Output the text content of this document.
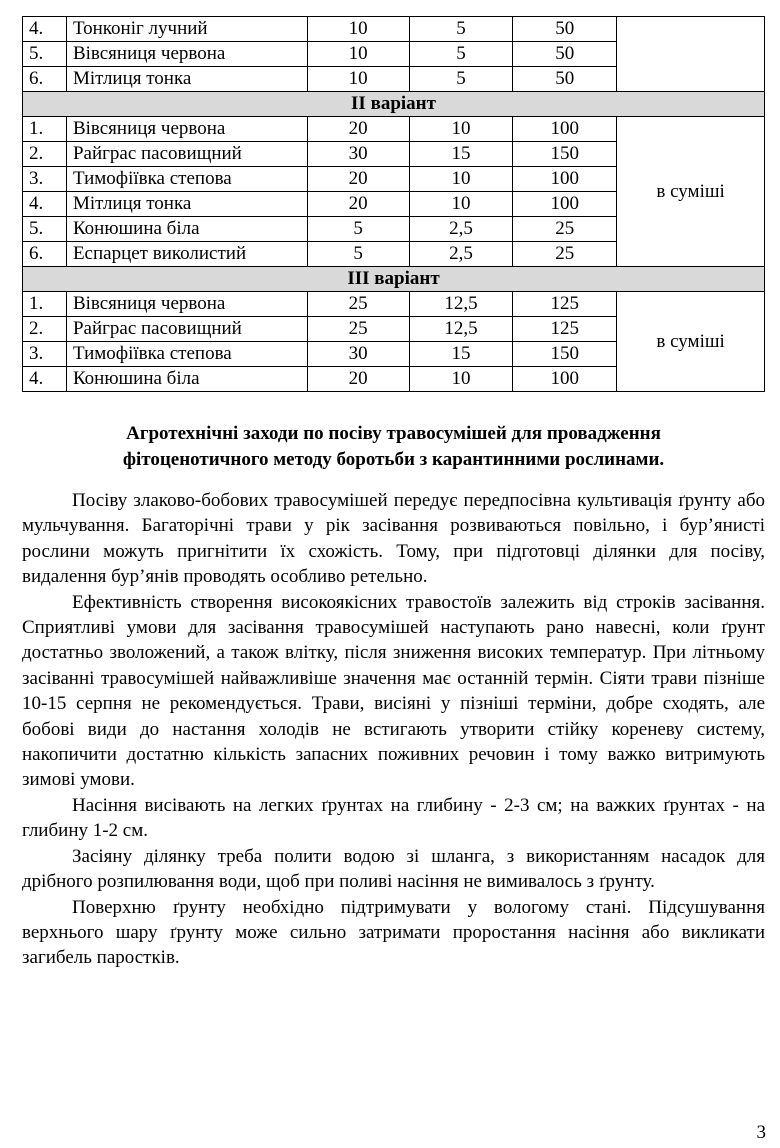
4.	Тонконіг лучний	10	5	50	
5.	Вівсяниця червона	10	5	50	
6.	Мітлиця тонка	10	5	50	
II варіант					
1.	Вівсяниця червона	20	10	100	в суміші
2.	Райграс пасовищний	30	15	150	
3.	Тимофіївка степова	20	10	100	
4.	Мітлиця тонка	20	10	100	
5.	Конюшина біла	5	2,5	25	
6.	Еспарцет виколистий	5	2,5	25	
III варіант					
1.	Вівсяниця червона	25	12,5	125	в суміші
2.	Райграс пасовищний	25	12,5	125	
3.	Тимофіївка степова	30	15	150	
4.	Конюшина біла	20	10	100	
Агротехнічні заходи по посіву травосумішей для провадження
фітоценотичного методу боротьби з карантинними рослинами.

Посіву злаково-бобових травосумішей передує передпосівна культивація ґрунту або мульчування. Багаторічні трави у рік засівання розвиваються повільно, і бур’янисті рослини можуть пригнітити їх схожість. Тому, при підготовці ділянки для посіву, видалення бур’янів проводять особливо ретельно.

Ефективність створення високоякісних травостоїв залежить від строків засівання. Сприятливі умови для засівання травосумішей наступають рано навесні, коли ґрунт достатньо зволожений, а також влітку, після зниження високих температур. При літньому засіванні травосумішей найважливіше значення має останній термін. Сіяти трави пізніше 10-15 серпня не рекомендується. Трави, висіяні у пізніші терміни, добре сходять, але бобові види до настання холодів не встигають утворити стійку кореневу систему, накопичити достатню кількість запасних поживних речовин і тому важко витримують зимові умови.

Насіння висівають на легких ґрунтах на глибину - 2-3 см; на важких ґрунтах - на глибину 1-2 см.

Засіяну ділянку треба полити водою зі шланга, з використанням насадок для дрібного розпилювання води, щоб при поливі насіння не вимивалось з ґрунту.

Поверхню ґрунту необхідно підтримувати у вологому стані. Підсушування верхнього шару ґрунту може сильно затримати проростання насіння або викликати загибель паростків.

3
